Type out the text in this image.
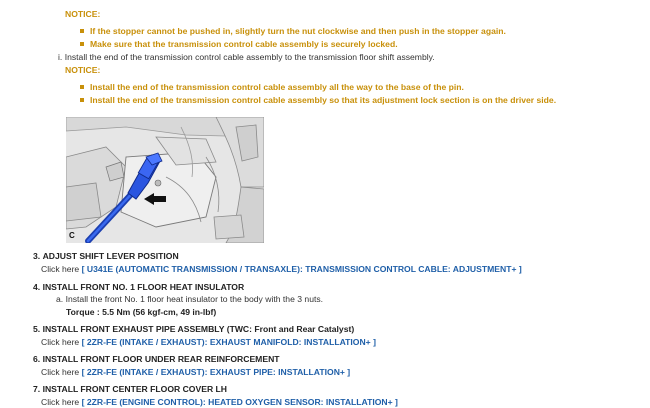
NOTICE:
If the stopper cannot be pushed in, slightly turn the nut clockwise and then push in the stopper again.
Make sure that the transmission control cable assembly is securely locked.
i. Install the end of the transmission control cable assembly to the transmission floor shift assembly.
NOTICE:
Install the end of the transmission control cable assembly all the way to the base of the pin.
Install the end of the transmission control cable assembly so that its adjustment lock section is on the driver side.
C
3. ADJUST SHIFT LEVER POSITION
Click here [ U341E (AUTOMATIC TRANSMISSION / TRANSAXLE): TRANSMISSION CONTROL CABLE: ADJUSTMENT+ ]
4. INSTALL FRONT NO. 1 FLOOR HEAT INSULATOR
a. Install the front No. 1 floor heat insulator to the body with the 3 nuts.
Torque : 5.5 Nm (56 kgf-cm, 49 in-lbf)
5. INSTALL FRONT EXHAUST PIPE ASSEMBLY (TWC: Front and Rear Catalyst)
Click here [ 2ZR-FE (INTAKE / EXHAUST): EXHAUST MANIFOLD: INSTALLATION+ ]
6. INSTALL FRONT FLOOR UNDER REAR REINFORCEMENT
Click here [ 2ZR-FE (INTAKE / EXHAUST): EXHAUST PIPE: INSTALLATION+ ]
7. INSTALL FRONT CENTER FLOOR COVER LH
Click here [ 2ZR-FE (ENGINE CONTROL): HEATED OXYGEN SENSOR: INSTALLATION+ ]
